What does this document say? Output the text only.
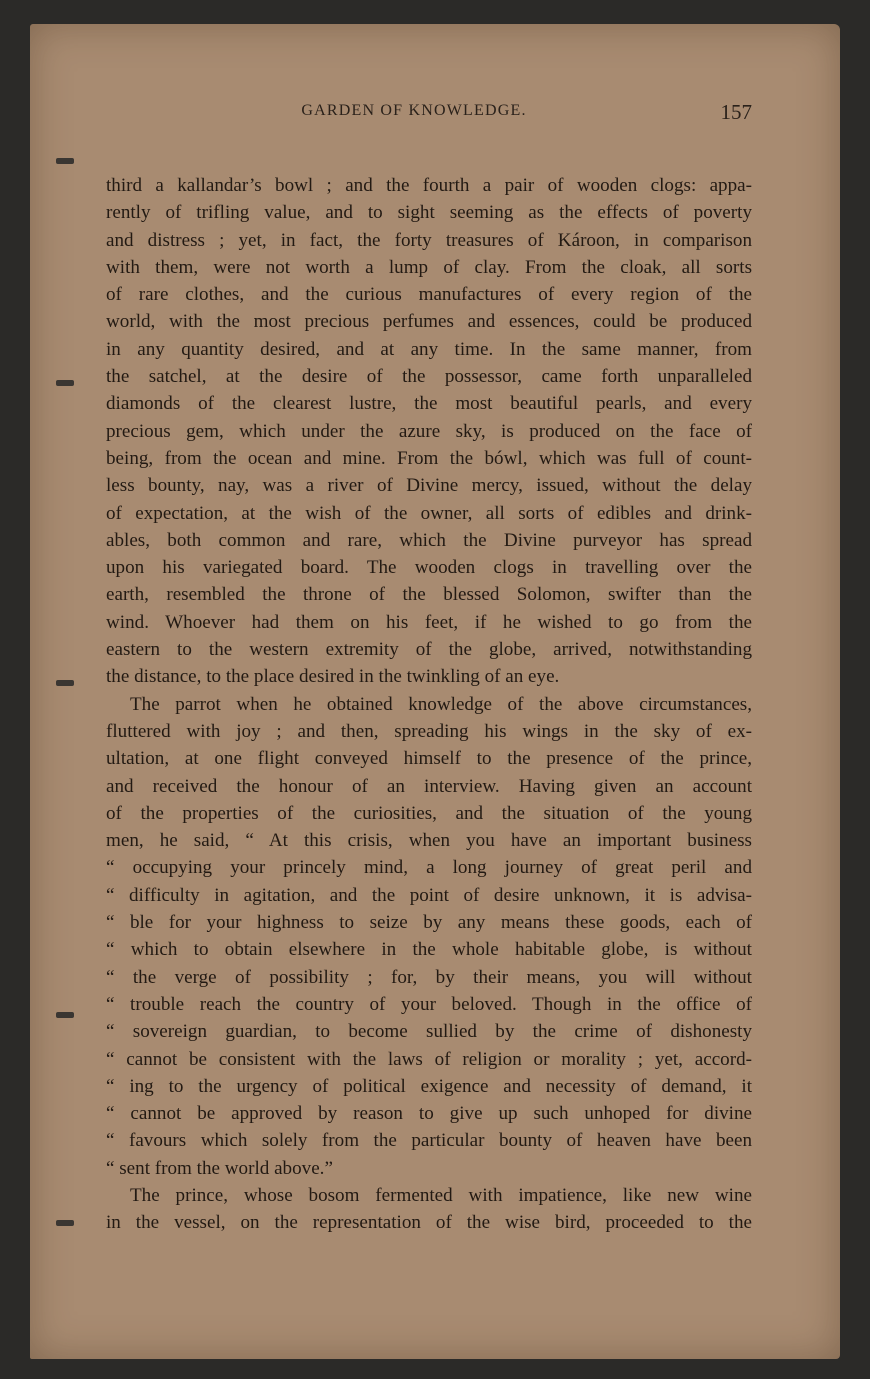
GARDEN OF KNOWLEDGE.	157
third a kallandar’s bowl ; and the fourth a pair of wooden clogs: appa-
rently of trifling value, and to sight seeming as the effects of poverty
and distress ; yet, in fact, the forty treasures of Károon, in comparison
with them, were not worth a lump of clay. From the cloak, all sorts
of rare clothes, and the curious manufactures of every region of the
world, with the most precious perfumes and essences, could be produced
in any quantity desired, and at any time. In the same manner, from
the satchel, at the desire of the possessor, came forth unparalleled
diamonds of the clearest lustre, the most beautiful pearls, and every
precious gem, which under the azure sky, is produced on the face of
being, from the ocean and mine. From the bówl, which was full of count-
less bounty, nay, was a river of Divine mercy, issued, without the delay
of expectation, at the wish of the owner, all sorts of edibles and drink-
ables, both common and rare, which the Divine purveyor has spread
upon his variegated board. The wooden clogs in travelling over the
earth, resembled the throne of the blessed Solomon, swifter than the
wind. Whoever had them on his feet, if he wished to go from the
eastern to the western extremity of the globe, arrived, notwithstanding
the distance, to the place desired in the twinkling of an eye.
The parrot when he obtained knowledge of the above circumstances,
fluttered with joy ; and then, spreading his wings in the sky of ex-
ultation, at one flight conveyed himself to the presence of the prince,
and received the honour of an interview. Having given an account
of the properties of the curiosities, and the situation of the young
men, he said, “ At this crisis, when you have an important business
“ occupying your princely mind, a long journey of great peril and
“ difficulty in agitation, and the point of desire unknown, it is advisa-
“ ble for your highness to seize by any means these goods, each of
“ which to obtain elsewhere in the whole habitable globe, is without
“ the verge of possibility ; for, by their means, you will without
“ trouble reach the country of your beloved. Though in the office of
“ sovereign guardian, to become sullied by the crime of dishonesty
“ cannot be consistent with the laws of religion or morality ; yet, accord-
“ ing to the urgency of political exigence and necessity of demand, it
“ cannot be approved by reason to give up such unhoped for divine
“ favours which solely from the particular bounty of heaven have been
“ sent from the world above.”
The prince, whose bosom fermented with impatience, like new wine
in the vessel, on the representation of the wise bird, proceeded to the
